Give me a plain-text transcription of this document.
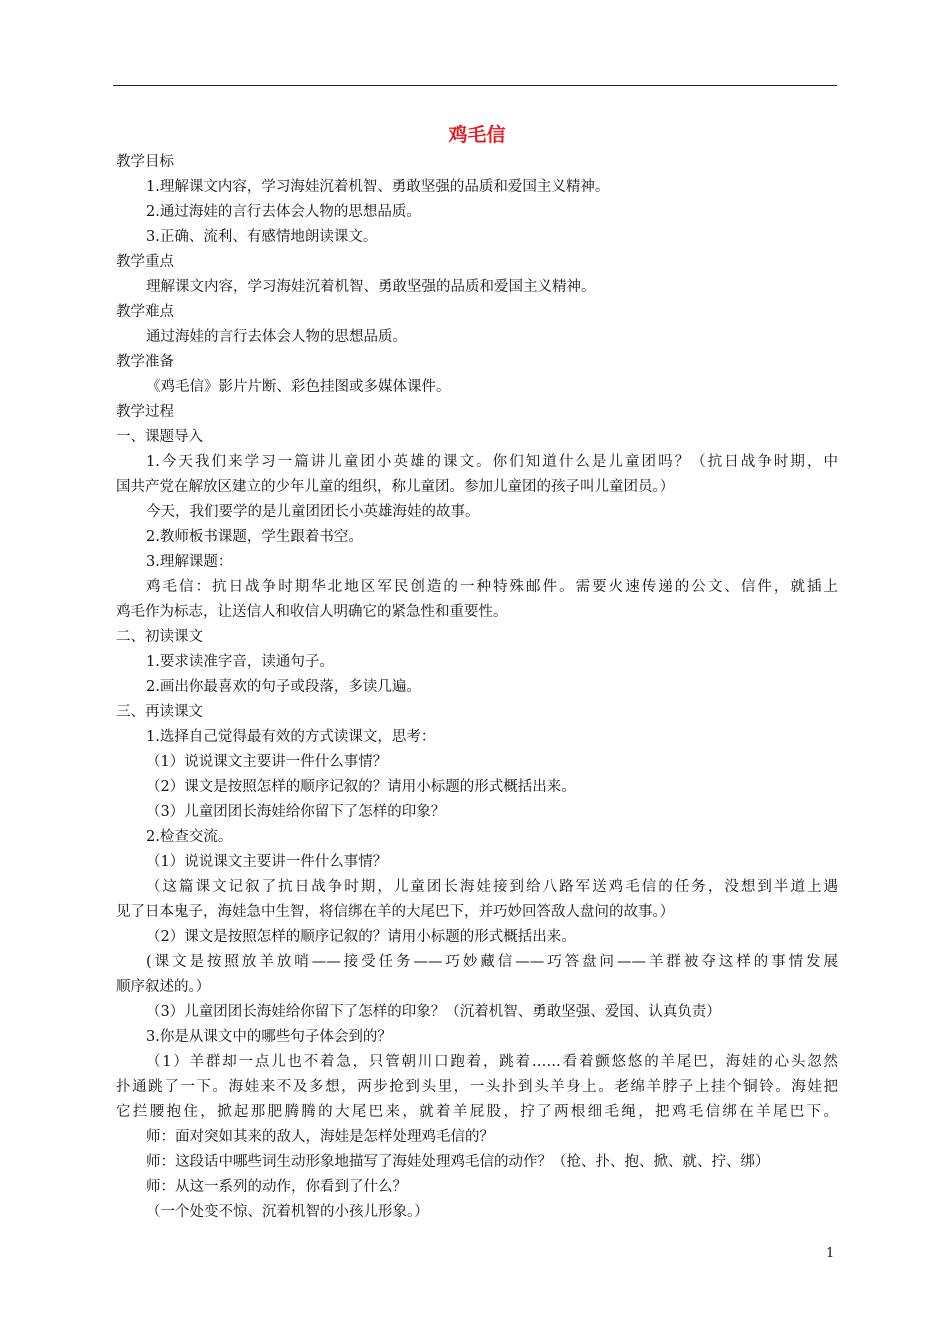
鸡毛信
教学目标
1.理解课文内容，学习海娃沉着机智、勇敢坚强的品质和爱国主义精神。
2.通过海娃的言行去体会人物的思想品质。
3.正确、流利、有感情地朗读课文。
教学重点
理解课文内容，学习海娃沉着机智、勇敢坚强的品质和爱国主义精神。
教学难点
通过海娃的言行去体会人物的思想品质。
教学准备
《鸡毛信》影片片断、彩色挂图或多媒体课件。
教学过程
一、课题导入
1.今天我们来学习一篇讲儿童团小英雄的课文。你们知道什么是儿童团吗？（抗日战争时期，中
国共产党在解放区建立的少年儿童的组织，称儿童团。参加儿童团的孩子叫儿童团员。）
今天，我们要学的是儿童团团长小英雄海娃的故事。
2.教师板书课题，学生跟着书空。
3.理解课题：
鸡毛信：抗日战争时期华北地区军民创造的一种特殊邮件。需要火速传递的公文、信件，就插上
鸡毛作为标志，让送信人和收信人明确它的紧急性和重要性。
二、初读课文
1.要求读准字音，读通句子。
2.画出你最喜欢的句子或段落，多读几遍。
三、再读课文
1.选择自己觉得最有效的方式读课文，思考：
（1）说说课文主要讲一件什么事情？
（2）课文是按照怎样的顺序记叙的？请用小标题的形式概括出来。
（3）儿童团团长海娃给你留下了怎样的印象？
2.检查交流。
（1）说说课文主要讲一件什么事情？
（这篇课文记叙了抗日战争时期，儿童团长海娃接到给八路军送鸡毛信的任务，没想到半道上遇
见了日本鬼子，海娃急中生智，将信绑在羊的大尾巴下，并巧妙回答敌人盘问的故事。）
（2）课文是按照怎样的顺序记叙的？请用小标题的形式概括出来。
(课文是按照放羊放哨——接受任务——巧妙藏信——巧答盘问——羊群被夺这样的事情发展
顺序叙述的。）
（3）儿童团团长海娃给你留下了怎样的印象？（沉着机智、勇敢坚强、爱国、认真负责）
3.你是从课文中的哪些句子体会到的？
（1）羊群却一点儿也不着急，只管朝川口跑着，跳着……看着颤悠悠的羊尾巴，海娃的心头忽然
扑通跳了一下。海娃来不及多想，两步抢到头里，一头扑到头羊身上。老绵羊脖子上挂个铜铃。海娃把
它拦腰抱住，掀起那肥腾腾的大尾巴来，就着羊屁股，拧了两根细毛绳，把鸡毛信绑在羊尾巴下。
师：面对突如其来的敌人，海娃是怎样处理鸡毛信的？
师：这段话中哪些词生动形象地描写了海娃处理鸡毛信的动作？（抢、扑、抱、掀、就、拧、绑）
师：从这一系列的动作，你看到了什么？
（一个处变不惊、沉着机智的小孩儿形象。）
1
